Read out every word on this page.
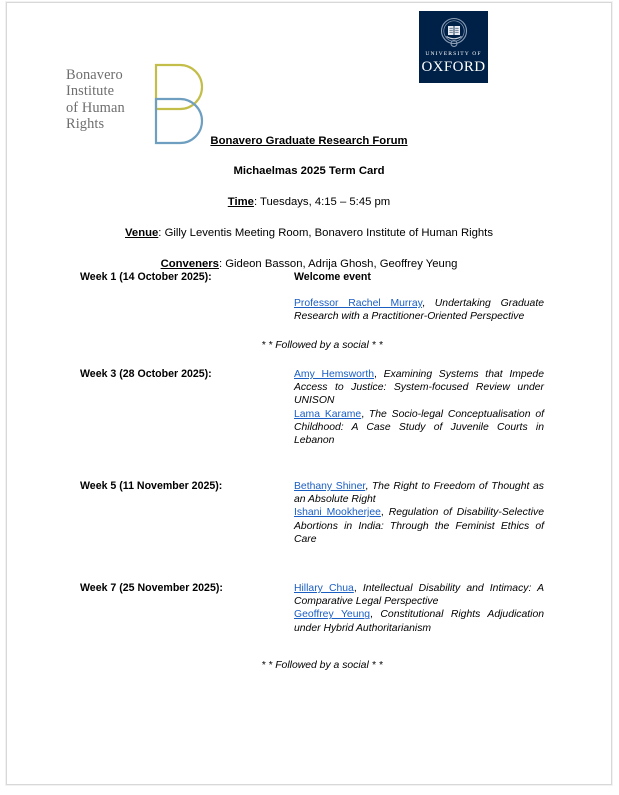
Bonavero
Institute
of Human
Rights
UNIVERSITY OF
OXFORD
Bonavero Graduate Research Forum
Michaelmas 2025 Term Card
Time: Tuesdays, 4:15 – 5:45 pm
Venue: Gilly Leventis Meeting Room, Bonavero Institute of Human Rights
Conveners: Gideon Basson, Adrija Ghosh, Geoffrey Yeung
Week 1 (14 October 2025):	Welcome event
Professor Rachel Murray, Undertaking Graduate Research with a Practitioner-Oriented Perspective
* * Followed by a social * *
Week 3 (28 October 2025):	Amy Hemsworth, Examining Systems that Impede Access to Justice: System-focused Review under UNISON
Lama Karame, The Socio-legal Conceptualisation of Childhood: A Case Study of Juvenile Courts in Lebanon
Week 5 (11 November 2025):	Bethany Shiner, The Right to Freedom of Thought as an Absolute Right
Ishani Mookherjee, Regulation of Disability-Selective Abortions in India: Through the Feminist Ethics of Care
Week 7 (25 November 2025):	Hillary Chua, Intellectual Disability and Intimacy: A Comparative Legal Perspective
Geoffrey Yeung, Constitutional Rights Adjudication under Hybrid Authoritarianism
* * Followed by a social * *
